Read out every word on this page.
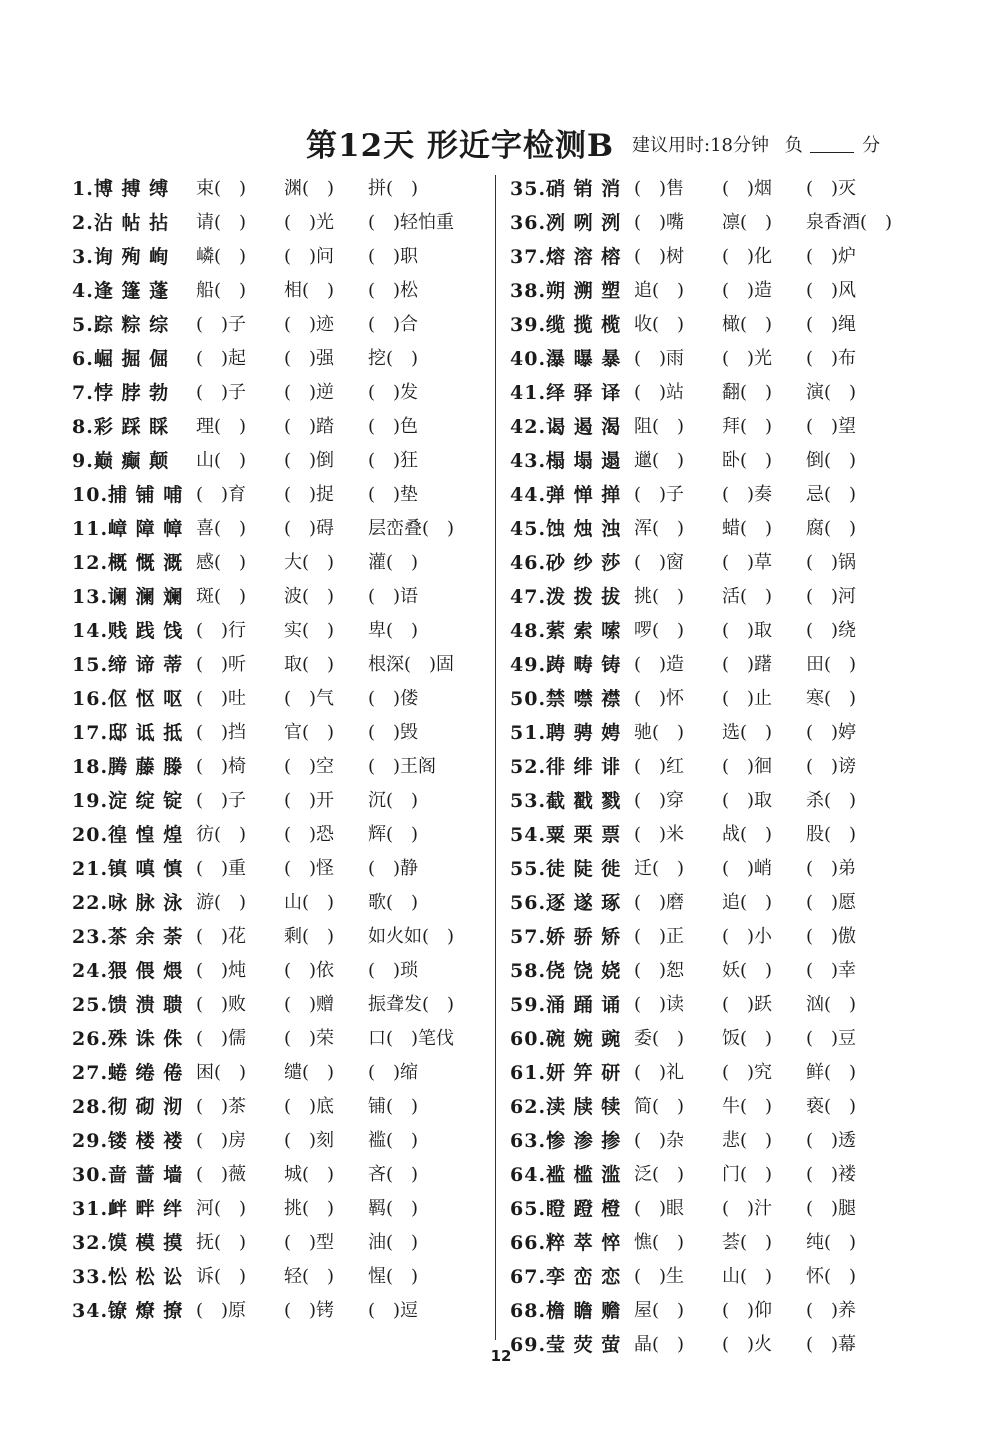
第12天 形近字检测B 建议用时:18分钟 负	分
1.博 搏 缚 束(　) 渊(　) 拼(　)
2.沾 帖 拈 请(　) (　)光 (　)轻怕重
3.询 殉 峋 嶙(　) (　)问 (　)职
4.逢 篷 蓬 船(　) 相(　) (　)松
5.踪 粽 综 (　)子 (　)迹 (　)合
6.崛 掘 倔 (　)起 (　)强 挖(　)
7.悖 脖 勃 (　)子 (　)逆 (　)发
8.彩 踩 睬 理(　) (　)踏 (　)色
9.巅 癫 颠 山(　) (　)倒 (　)狂
10.捕 铺 哺 (　)育 (　)捉 (　)垫
11.嶂 障 幛 喜(　) (　)碍 层峦叠(　)
12.概 慨 溉 感(　) 大(　) 灌(　)
13.谰 澜 斓 斑(　) 波(　) (　)语
14.贱 践 饯 (　)行 实(　) 卑(　)
15.缔 谛 蒂 (　)听 取(　) 根深(　)固
16.伛 怄 呕 (　)吐 (　)气 (　)偻
17.邸 诋 抵 (　)挡 官(　) (　)毁
18.腾 藤 滕 (　)椅 (　)空 (　)王阁
19.淀 绽 锭 (　)子 (　)开 沉(　)
20.徨 惶 煌 彷(　) (　)恐 辉(　)
21.镇 嗔 慎 (　)重 (　)怪 (　)静
22.咏 脉 泳 游(　) 山(　) 歌(　)
23.茶 余 荼 (　)花 剩(　) 如火如(　)
24.猥 偎 煨 (　)炖 (　)依 (　)琐
25.馈 溃 聩 (　)败 (　)赠 振聋发(　)
26.殊 诛 侏 (　)儒 (　)荣 口(　)笔伐
27.蜷 绻 倦 困(　) 缱(　) (　)缩
28.彻 砌 沏 (　)茶 (　)底 铺(　)
29.镂 楼 褛 (　)房 (　)刻 褴(　)
30.啬 蔷 墙 (　)薇 城(　) 吝(　)
31.衅 畔 绊 河(　) 挑(　) 羁(　)
32.馍 模 摸 抚(　) (　)型 油(　)
33.忪 松 讼 诉(　) 轻(　) 惺(　)
34.镣 燎 撩 (　)原 (　)铐 (　)逗
35.硝 销 消 (　)售 (　)烟 (　)灭
36.冽 咧 洌 (　)嘴 凛(　) 泉香酒(　)
37.熔 溶 榕 (　)树 (　)化 (　)炉
38.朔 溯 塑 追(　) (　)造 (　)风
39.缆 揽 榄 收(　) 橄(　) (　)绳
40.瀑 曝 暴 (　)雨 (　)光 (　)布
41.绎 驿 译 (　)站 翻(　) 演(　)
42.谒 遏 渴 阻(　) 拜(　) (　)望
43.榻 塌 遢 邋(　) 卧(　) 倒(　)
44.弹 惮 掸 (　)子 (　)奏 忌(　)
45.蚀 烛 浊 浑(　) 蜡(　) 腐(　)
46.砂 纱 莎 (　)窗 (　)草 (　)锅
47.泼 拨 拔 挑(　) 活(　) (　)河
48.萦 索 嗦 啰(　) (　)取 (　)绕
49.踌 畴 铸 (　)造 (　)躇 田(　)
50.禁 噤 襟 (　)怀 (　)止 寒(　)
51.聘 骋 娉 驰(　) 选(　) (　)婷
52.徘 绯 诽 (　)红 (　)徊 (　)谤
53.截 戳 戮 (　)穿 (　)取 杀(　)
54.粟 栗 票 (　)米 战(　) 股(　)
55.徒 陡 徙 迁(　) (　)峭 (　)弟
56.逐 遂 琢 (　)磨 追(　) (　)愿
57.娇 骄 矫 (　)正 (　)小 (　)傲
58.侥 饶 娆 (　)恕 妖(　) (　)幸
59.涌 踊 诵 (　)读 (　)跃 汹(　)
60.碗 婉 豌 委(　) 饭(　) (　)豆
61.妍 笄 研 (　)礼 (　)究 鲜(　)
62.渎 牍 犊 简(　) 牛(　) 亵(　)
63.惨 渗 掺 (　)杂 悲(　) (　)透
64.褴 槛 滥 泛(　) 门(　) (　)褛
65.瞪 蹬 橙 (　)眼 (　)汁 (　)腿
66.粹 萃 悴 憔(　) 荟(　) 纯(　)
67.孪 峦 恋 (　)生 山(　) 怀(　)
68.檐 瞻 赡 屋(　) (　)仰 (　)养
69.莹 荧 萤 晶(　) (　)火 (　)幕
12
